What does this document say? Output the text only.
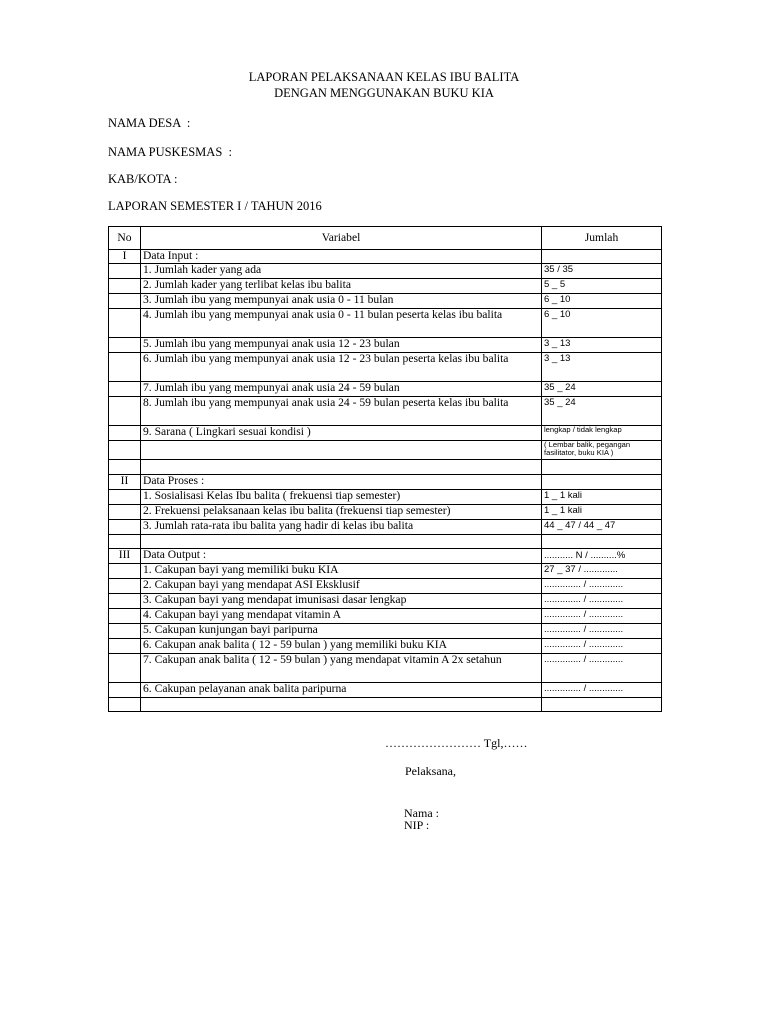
LAPORAN PELAKSANAAN KELAS IBU BALITA
DENGAN MENGGUNAKAN BUKU KIA
NAMA DESA  :
NAMA PUSKESMAS  :
KAB/KOTA :
LAPORAN SEMESTER I / TAHUN 2016
No	Variabel	Jumlah
I	Data Input :	
	1. Jumlah kader yang ada	35 / 35
	2. Jumlah kader yang terlibat kelas ibu balita	5 _ 5
	3. Jumlah ibu yang mempunyai anak usia 0 - 11 bulan	6 _ 10
	4. Jumlah ibu yang mempunyai anak usia 0 - 11 bulan peserta kelas ibu balita	6 _ 10
	5. Jumlah ibu yang mempunyai anak usia 12 - 23 bulan	3 _ 13
	6. Jumlah ibu yang mempunyai anak usia 12 - 23 bulan peserta kelas ibu balita	3 _ 13
	7. Jumlah ibu yang mempunyai anak usia 24 - 59 bulan	35 _ 24
	8. Jumlah ibu yang mempunyai anak usia 24 - 59 bulan peserta kelas ibu balita	35 _ 24
	9. Sarana ( Lingkari sesuai kondisi )	lengkap / tidak lengkap
		( Lembar balik, pegangan fasilitator, buku KIA )

II	Data Proses :	
	1. Sosialisasi Kelas Ibu balita ( frekuensi tiap semester)	1 _ 1 kali
	2. Frekuensi pelaksanaan kelas ibu balita (frekuensi tiap semester)	1 _ 1 kali
	3. Jumlah rata-rata ibu balita yang hadir di kelas ibu balita	44 _ 47 / 44 _ 47

III	Data Output :	........... N / ..........%
	1. Cakupan bayi yang memiliki buku KIA	27 _ 37 / .............
	2. Cakupan bayi yang mendapat ASI Eksklusif	.............. / .............
	3. Cakupan bayi yang mendapat imunisasi dasar lengkap	.............. / .............
	4. Cakupan bayi yang mendapat vitamin A	.............. / .............
	5. Cakupan kunjungan bayi paripurna	.............. / .............
	6. Cakupan anak balita ( 12 - 59 bulan ) yang memiliki buku KIA	.............. / .............
	7. Cakupan anak balita ( 12 - 59 bulan ) yang mendapat vitamin A 2x setahun	.............. / .............
	6. Cakupan pelayanan anak balita paripurna	.............. / .............

…………………… Tgl,……
Pelaksana,
Nama :
NIP :
